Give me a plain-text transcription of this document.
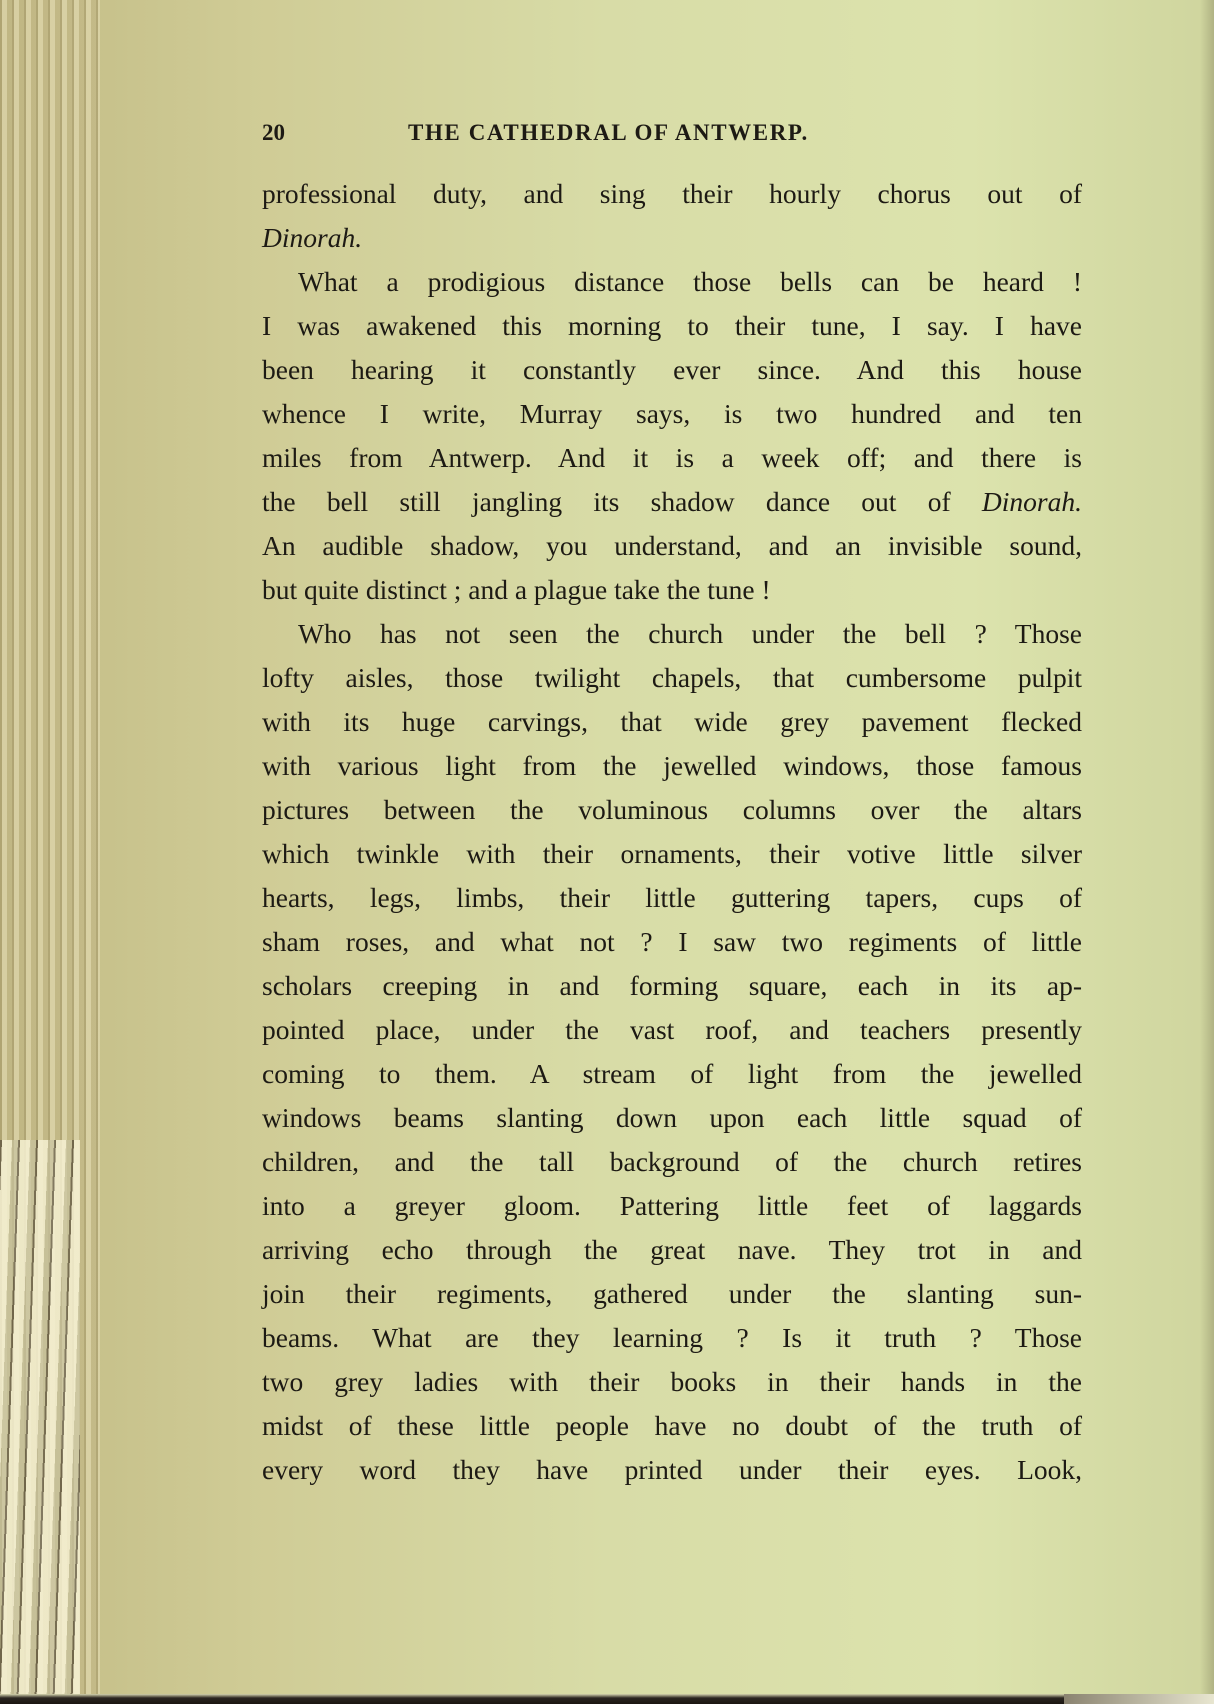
20	THE CATHEDRAL OF ANTWERP.
professional duty, and sing their hourly chorus out of
Dinorah.
What a prodigious distance those bells can be heard !
I was awakened this morning to their tune, I say. I have
been hearing it constantly ever since. And this house
whence I write, Murray says, is two hundred and ten
miles from Antwerp. And it is a week off; and there is
the bell still jangling its shadow dance out of Dinorah.
An audible shadow, you understand, and an invisible sound,
but quite distinct ; and a plague take the tune !
Who has not seen the church under the bell ? Those
lofty aisles, those twilight chapels, that cumbersome pulpit
with its huge carvings, that wide grey pavement flecked
with various light from the jewelled windows, those famous
pictures between the voluminous columns over the altars
which twinkle with their ornaments, their votive little silver
hearts, legs, limbs, their little guttering tapers, cups of
sham roses, and what not ? I saw two regiments of little
scholars creeping in and forming square, each in its ap-
pointed place, under the vast roof, and teachers presently
coming to them. A stream of light from the jewelled
windows beams slanting down upon each little squad of
children, and the tall background of the church retires
into a greyer gloom. Pattering little feet of laggards
arriving echo through the great nave. They trot in and
join their regiments, gathered under the slanting sun-
beams. What are they learning ? Is it truth ? Those
two grey ladies with their books in their hands in the
midst of these little people have no doubt of the truth of
every word they have printed under their eyes. Look,
